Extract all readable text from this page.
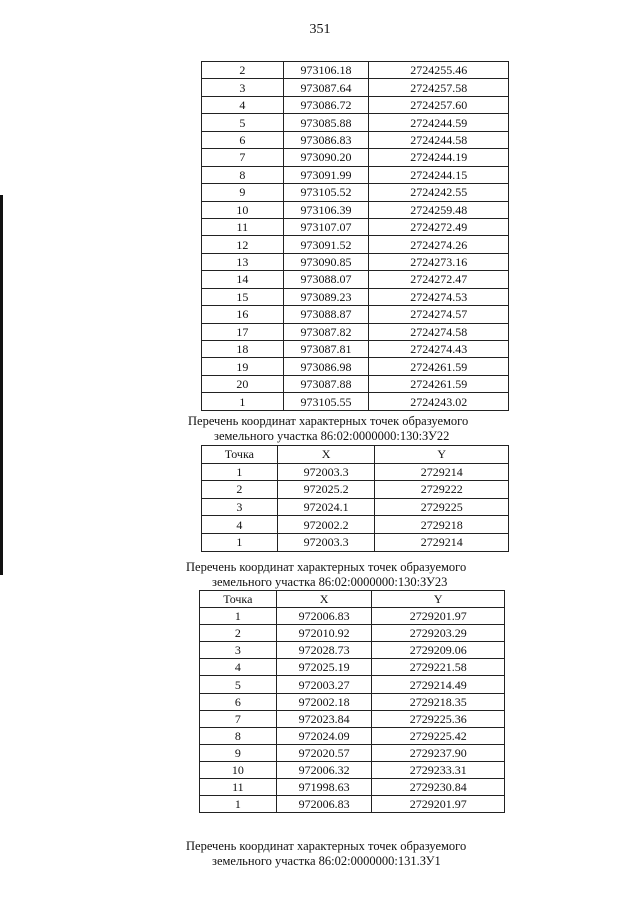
351
2	973106.18	2724255.46
3	973087.64	2724257.58
4	973086.72	2724257.60
5	973085.88	2724244.59
6	973086.83	2724244.58
7	973090.20	2724244.19
8	973091.99	2724244.15
9	973105.52	2724242.55
10	973106.39	2724259.48
11	973107.07	2724272.49
12	973091.52	2724274.26
13	973090.85	2724273.16
14	973088.07	2724272.47
15	973089.23	2724274.53
16	973088.87	2724274.57
17	973087.82	2724274.58
18	973087.81	2724274.43
19	973086.98	2724261.59
20	973087.88	2724261.59
1	973105.55	2724243.02
Перечень координат характерных точек образуемого
земельного участка 86:02:0000000:130:ЗУ22
Точка	X	Y
1	972003.3	2729214
2	972025.2	2729222
3	972024.1	2729225
4	972002.2	2729218
1	972003.3	2729214
Перечень координат характерных точек образуемого
земельного участка 86:02:0000000:130:ЗУ23
Точка	X	Y
1	972006.83	2729201.97
2	972010.92	2729203.29
3	972028.73	2729209.06
4	972025.19	2729221.58
5	972003.27	2729214.49
6	972002.18	2729218.35
7	972023.84	2729225.36
8	972024.09	2729225.42
9	972020.57	2729237.90
10	972006.32	2729233.31
11	971998.63	2729230.84
1	972006.83	2729201.97
Перечень координат характерных точек образуемого
земельного участка 86:02:0000000:131.ЗУ1
